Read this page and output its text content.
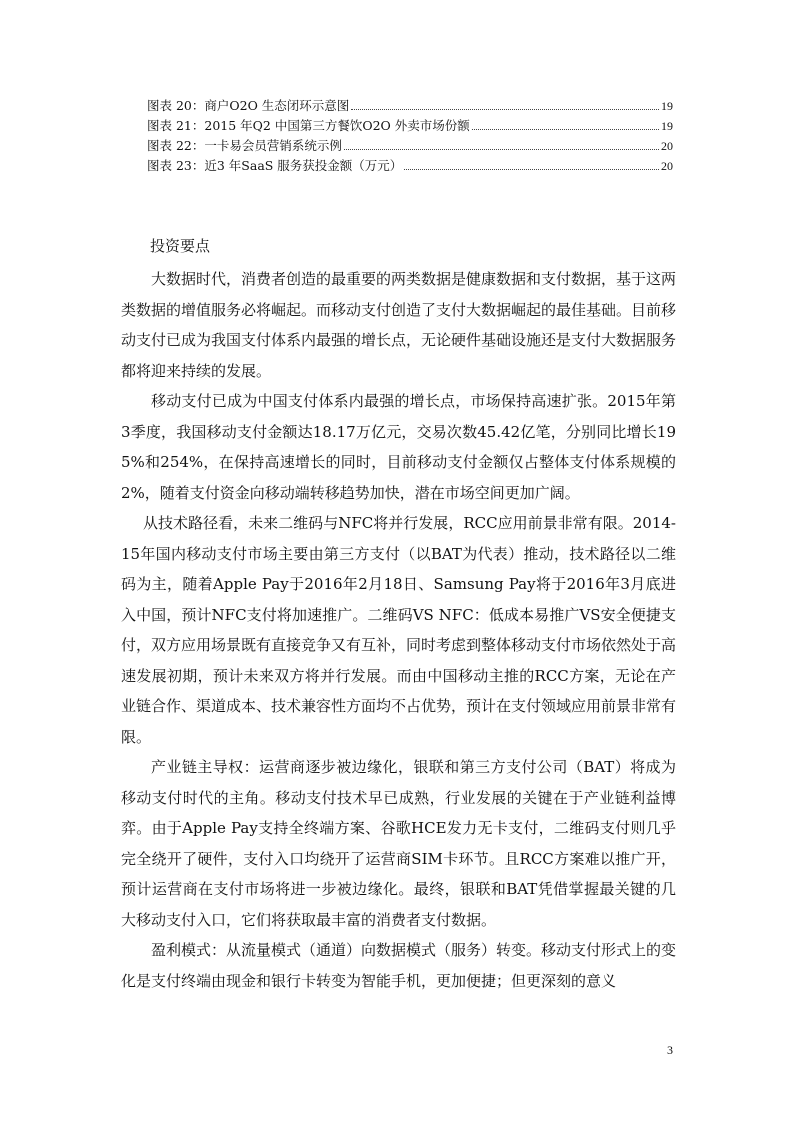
图表 20：商户O2O 生态闭环示意图	19
图表 21：2015 年Q2 中国第三方餐饮O2O 外卖市场份额	19
图表 22：一卡易会员营销系统示例	20
图表 23：近3 年SaaS 服务获投金额（万元）	20
投资要点

大数据时代，消费者创造的最重要的两类数据是健康数据和支付数据，基于这两类数据的增值服务必将崛起。而移动支付创造了支付大数据崛起的最佳基础。目前移动支付已成为我国支付体系内最强的增长点，无论硬件基础设施还是支付大数据服务都将迎来持续的发展。

移动支付已成为中国支付体系内最强的增长点，市场保持高速扩张。2015年第3季度，我国移动支付金额达18.17万亿元，交易次数45.42亿笔，分别同比增长195%和254%，在保持高速增长的同时，目前移动支付金额仅占整体支付体系规模的2%，随着支付资金向移动端转移趋势加快，潜在市场空间更加广阔。

从技术路径看，未来二维码与NFC将并行发展，RCC应用前景非常有限。2014-15年国内移动支付市场主要由第三方支付（以BAT为代表）推动，技术路径以二维码为主，随着Apple Pay于2016年2月18日、Samsung Pay将于2016年3月底进入中国，预计NFC支付将加速推广。二维码VS NFC：低成本易推广VS安全便捷支付，双方应用场景既有直接竞争又有互补，同时考虑到整体移动支付市场依然处于高速发展初期，预计未来双方将并行发展。而由中国移动主推的RCC方案，无论在产业链合作、渠道成本、技术兼容性方面均不占优势，预计在支付领域应用前景非常有限。

产业链主导权：运营商逐步被边缘化，银联和第三方支付公司（BAT）将成为移动支付时代的主角。移动支付技术早已成熟，行业发展的关键在于产业链利益博弈。由于Apple Pay支持全终端方案、谷歌HCE发力无卡支付，二维码支付则几乎完全绕开了硬件，支付入口均绕开了运营商SIM卡环节。且RCC方案难以推广开，预计运营商在支付市场将进一步被边缘化。最终，银联和BAT凭借掌握最关键的几大移动支付入口，它们将获取最丰富的消费者支付数据。

盈利模式：从流量模式（通道）向数据模式（服务）转变。移动支付形式上的变化是支付终端由现金和银行卡转变为智能手机，更加便捷；但更深刻的意义

3
